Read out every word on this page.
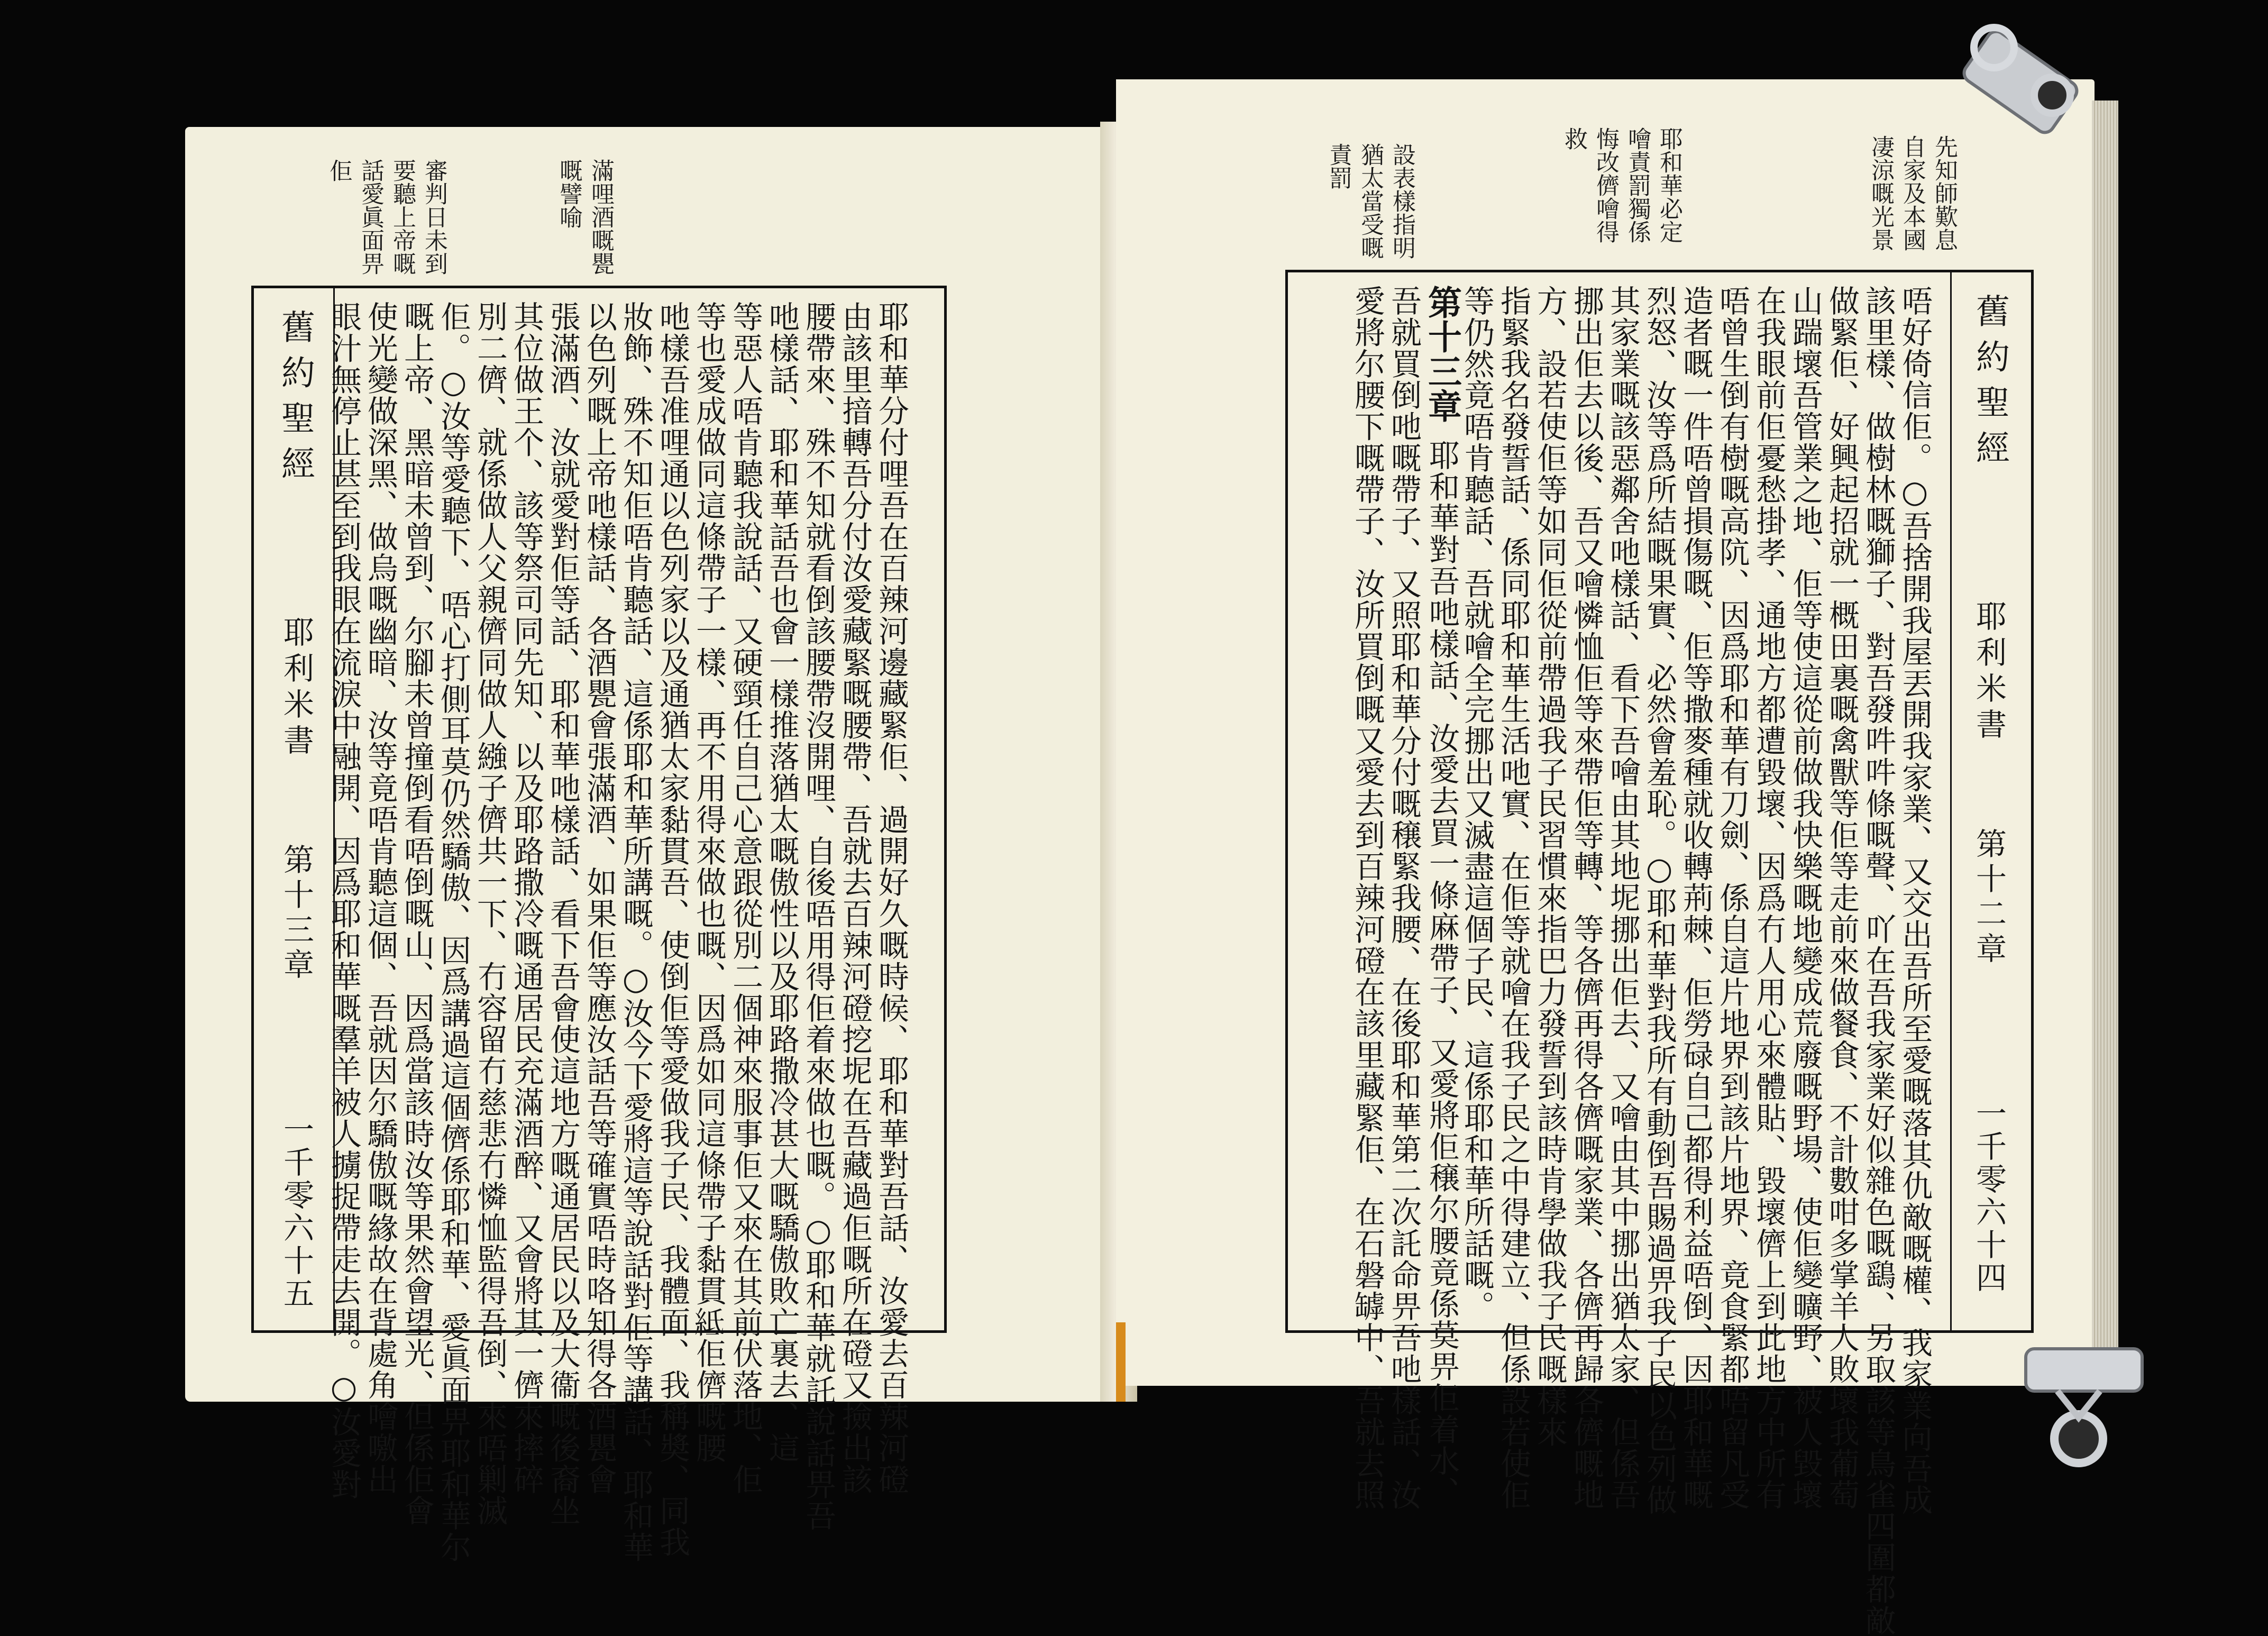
審判日未到
要聽上帝嘅
話愛眞面畀
佢	滿哩酒嘅甖
嘅譬喻
舊約聖經
耶利米書
第十三章
一千零六十五	耶和華分付哩吾在百辣河邊藏緊佢、過開好久嘅時候、耶和華對吾話、汝愛去百辣河磴
由該里揞轉吾分付汝愛藏緊嘅腰帶、吾就去百辣河磴挖坭在吾藏過佢嘅所在磴又撿出該
腰帶來、殊不知就看倒該腰帶沒開哩、自後唔用得佢着來做也嘅。○耶和華就託說話畀吾
吔樣話、耶和華話吾也會一樣推落猶太嘅傲性以及耶路撒冷甚大嘅驕傲敗亡裏去、這
等惡人唔肯聽我說話、又硬頸任自己心意跟從別二個神來服事佢又來在其前伏落地、佢
等也愛成做同這條帶子一樣、再不用得來做也嘅、因爲如同這條帶子黏貫𥿄佢儕嘅腰
吔樣吾准哩通以色列家以及通猶太家黏貫吾、使倒佢等愛做我子民、我體面、我稱奬、同我
妝飾、殊不知佢唔肯聽話、這係耶和華所講嘅。○汝今下愛將這等說話對佢等講話、耶和華
以色列嘅上帝吔樣話、各酒甖會張滿酒、如果佢等應汝話吾等確實唔時咯知得各酒甖會
張滿酒、汝就愛對佢等話、耶和華吔樣話、看下吾會使這地方嘅通居民以及大衞嘅後裔坐
其位做王个、該等祭司同先知、以及耶路撒冷嘅通居民充滿酒醉、又會將其一儕來摔碎
別二儕、就係做人父親儕同做人繈子儕共一下、冇容留冇慈悲冇憐恤監得吾倒、來唔剿滅
佢。○汝等愛聽下、唔心打側耳莫仍然驕傲、因爲講過這個儕係耶和華、愛眞面畀耶和華尔
嘅上帝、黑暗未曾到、尔腳未曾撞倒看唔倒嘅山、因爲當該時汝等果然會望光、但係佢會
使光變做深黑、做烏嘅幽暗、汝等竟唔肯聽這個、吾就因尔驕傲嘅緣故在背處角噲噭出
眼汁無停止甚至到我眼在流淚中融開、因爲耶和華嘅羣羊被人擄捉帶走去開。○汝愛對
先知師歎息
自家及本國
凄涼嘅光景
耶和華必定
噲責罰獨係
悔改儕噲得
救
設表樣指明
猶太當受嘅
責罰
舊約聖經
耶利米書
第十二章
一千零六十四
唔好倚信佢。○吾捨開我屋丟開我家業、又交出吾所至愛嘅落其仇敵嘅權、我家業向吾成
該里樣、做樹林嘅獅子、對吾發吽吽條嘅聲、吖在吾我家業好似雜色嘅鷂、另取該等鳥雀四圍都敵
做緊佢、好興起招就一概田裏嘅禽獸等佢等走前來做餐食、不計數咁多掌羊人敗壞我葡萄
山踹壞吾管業之地、佢等使這從前做我快樂嘅地變成荒廢嘅野場、使佢變曠野、被人毀壞
在我眼前佢憂愁掛孝、通地方都遭毀壞、因爲冇人用心來體貼、毀壞儕上到此地方中所有
唔曾生倒有樹嘅高阬、因爲耶和華有刀劍、係自這片地界到該片地界、竟食緊都唔留凡受
造者嘅一件唔曾損傷嘅、佢等撒麥種就收轉荊棘、佢勞碌自己都得利益唔倒、因耶和華嘅
烈怒、汝等爲所結嘅果實、必然會羞恥。○耶和華對我所有動倒吾賜過畀我子民以色列做
其家業嘅該惡鄰舍吔樣話、看下吾噲由其地坭挪出佢去、又噲由其中挪出猶太家、但係吾
挪出佢去以後、吾又噲憐恤佢等來帶佢等轉、等各儕再得各儕嘅家業、各儕再歸各儕嘅地
方、設若使佢等如同佢從前帶過我子民習慣來指巴力發誓到該時肯學做我子民嘅樣來
指緊我名發誓話、係同耶和華生活吔實、在佢等就噲在我子民之中得建立、但係設若使佢
等仍然竟唔肯聽話、吾就噲全完挪出又滅盡這個子民、這係耶和華所話嘅。
吾就買倒吔嘅帶子、又照耶和華分付嘅穣緊我腰、在後耶和華第二次託命畀吾吔樣話、汝
愛將尔腰下嘅帶子、汝所買倒嘅又愛去到百辣河磴在該里藏緊佢、在石磐罅中、吾就去照 第十三章耶和華對吾吔樣話、汝愛去買一條麻帶子、又愛將佢穣尔腰竟係莫畀佢着水、
